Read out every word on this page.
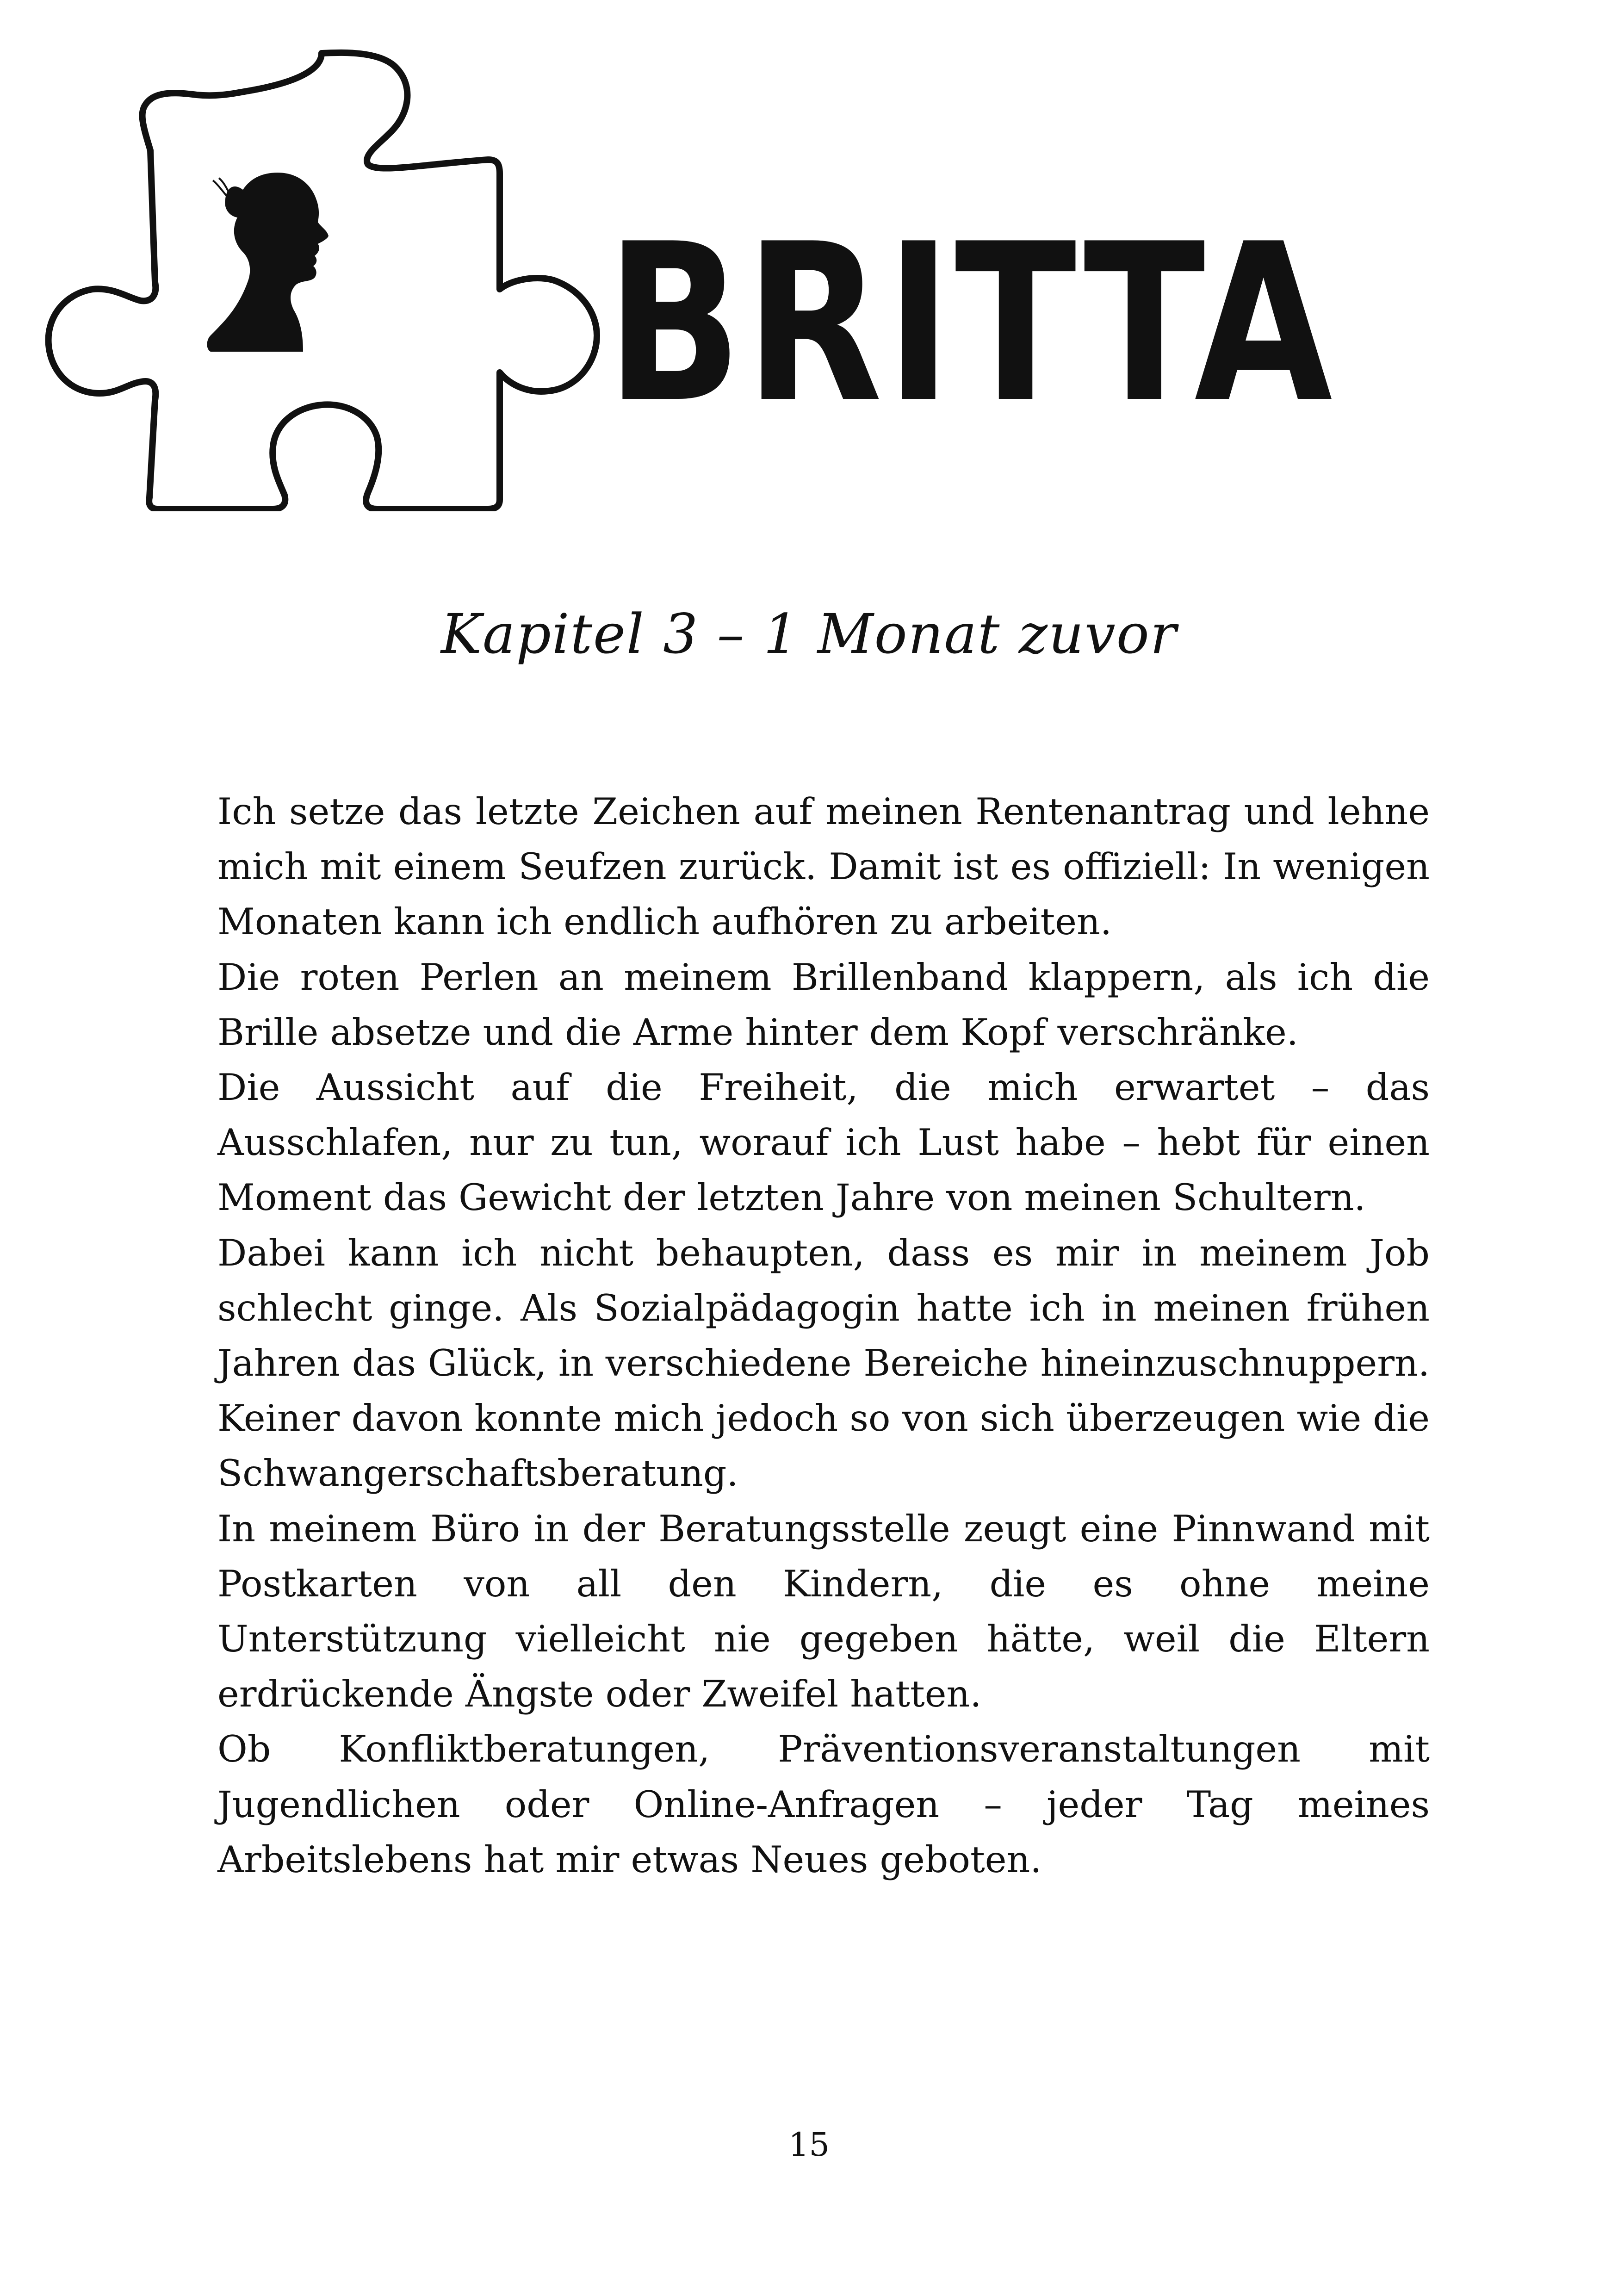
BRITTA
Kapitel 3 – 1 Monat zuvor

Ich setze das letzte Zeichen auf meinen Rentenantrag und lehne mich mit einem Seufzen zurück. Damit ist es offiziell: In wenigen Monaten kann ich endlich aufhören zu arbeiten.

Die roten Perlen an meinem Brillenband klappern, als ich die Brille absetze und die Arme hinter dem Kopf verschränke.

Die Aussicht auf die Freiheit, die mich erwartet – das Ausschlafen, nur zu tun, worauf ich Lust habe – hebt für einen Moment das Gewicht der letzten Jahre von meinen Schultern.

Dabei kann ich nicht behaupten, dass es mir in meinem Job schlecht ginge. Als Sozialpädagogin hatte ich in meinen frühen Jahren das Glück, in verschiedene Bereiche hineinzuschnuppern. Keiner davon konnte mich jedoch so von sich überzeugen wie die Schwangerschaftsberatung.

In meinem Büro in der Beratungsstelle zeugt eine Pinnwand mit Postkarten von all den Kindern, die es ohne meine Unterstützung vielleicht nie gegeben hätte, weil die Eltern erdrückende Ängste oder Zweifel hatten.

Ob Konfliktberatungen, Präventionsveranstaltungen mit Jugendlichen oder Online-Anfragen – jeder Tag meines Arbeitslebens hat mir etwas Neues geboten.

15
